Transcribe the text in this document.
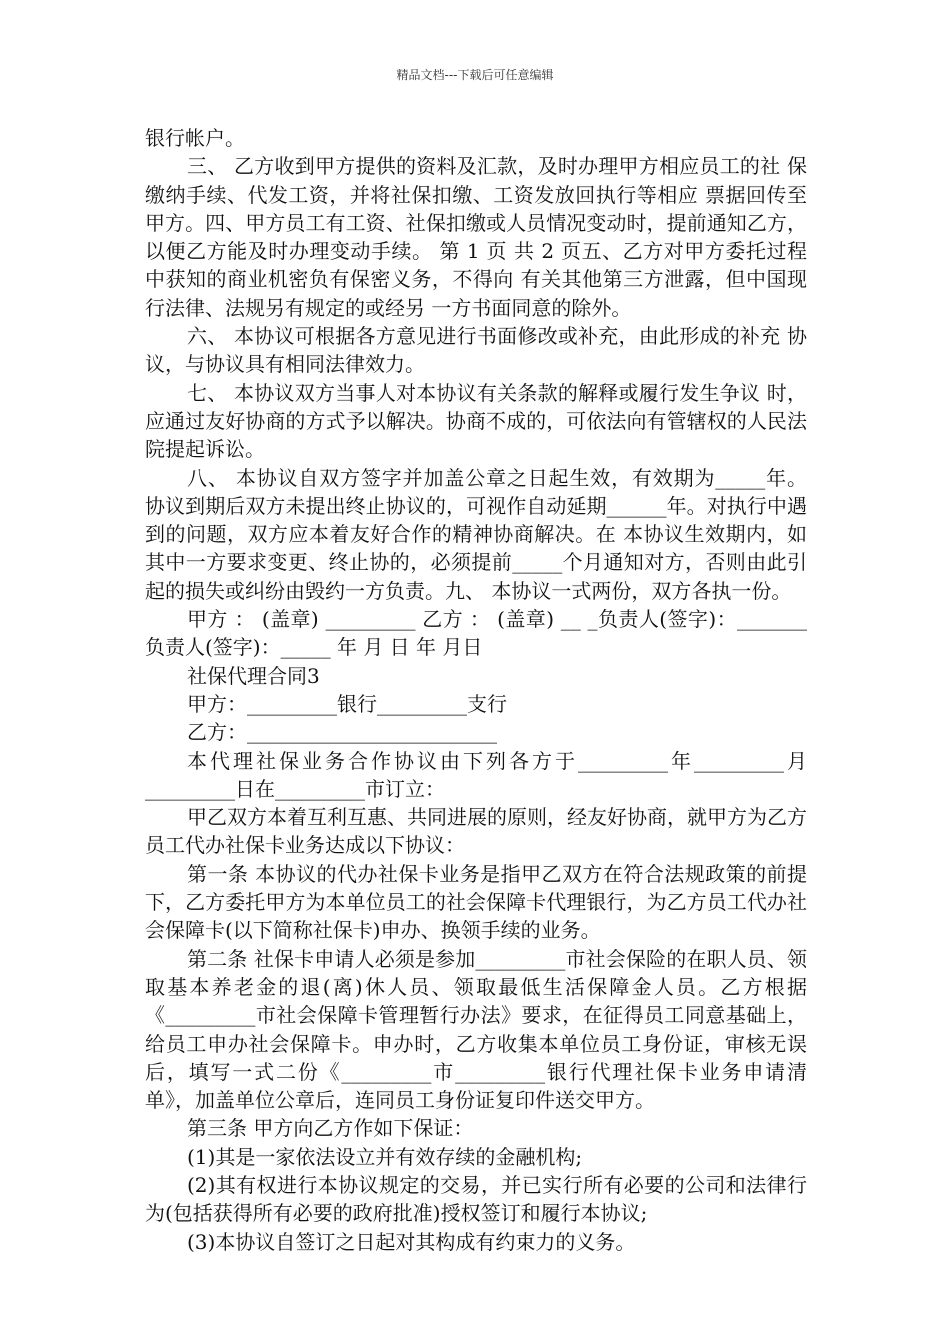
精品文档---下载后可任意编辑

银行帐户。

三、 乙方收到甲方提供的资料及汇款，及时办理甲方相应员工的社 保缴纳手续、代发工资，并将社保扣缴、工资发放回执行等相应 票据回传至甲方。四、甲方员工有工资、社保扣缴或人员情况变动时，提前通知乙方， 以便乙方能及时办理变动手续。 第 1 页 共 2 页五、乙方对甲方委托过程中获知的商业机密负有保密义务，不得向 有关其他第三方泄露，但中国现行法律、法规另有规定的或经另 一方书面同意的除外。

六、 本协议可根据各方意见进行书面修改或补充，由此形成的补充 协议，与协议具有相同法律效力。

七、 本协议双方当事人对本协议有关条款的解释或履行发生争议 时，应通过友好协商的方式予以解决。协商不成的，可依法向有管辖权的人民法院提起诉讼。

八、 本协议自双方签字并加盖公章之日起生效，有效期为_____年。 协议到期后双方未提出终止协议的，可视作自动延期______年。对执行中遇到的问题，双方应本着友好合作的精神协商解决。在 本协议生效期内，如其中一方要求变更、终止协的，必须提前_____个月通知对方，否则由此引起的损失或纠纷由毁约一方负责。九、 本协议一式两份，双方各执一份。

甲方 ： (盖章) _________ 乙方 ： (盖章) __ _负责人(签字)：_______ 负责人(签字)：_____ 年 月 日 年 月日

社保代理合同3

甲方：_________银行_________支行

乙方：_________________________

本代理社保业务合作协议由下列各方于_________年_________月_________日在_________市订立：

甲乙双方本着互利互惠、共同进展的原则，经友好协商，就甲方为乙方员工代办社保卡业务达成以下协议：

第一条 本协议的代办社保卡业务是指甲乙双方在符合法规政策的前提下，乙方委托甲方为本单位员工的社会保障卡代理银行，为乙方员工代办社会保障卡(以下简称社保卡)申办、换领手续的业务。

第二条 社保卡申请人必须是参加_________市社会保险的在职人员、领取基本养老金的退(离)休人员、领取最低生活保障金人员。乙方根据《_________市社会保障卡管理暂行办法》要求，在征得员工同意基础上，给员工申办社会保障卡。申办时，乙方收集本单位员工身份证，审核无误后，填写一式二份《_________市_________银行代理社保卡业务申请清单》，加盖单位公章后，连同员工身份证复印件送交甲方。

第三条 甲方向乙方作如下保证：

(1)其是一家依法设立并有效存续的金融机构;

(2)其有权进行本协议规定的交易，并已实行所有必要的公司和法律行为(包括获得所有必要的政府批准)授权签订和履行本协议;

(3)本协议自签订之日起对其构成有约束力的义务。
